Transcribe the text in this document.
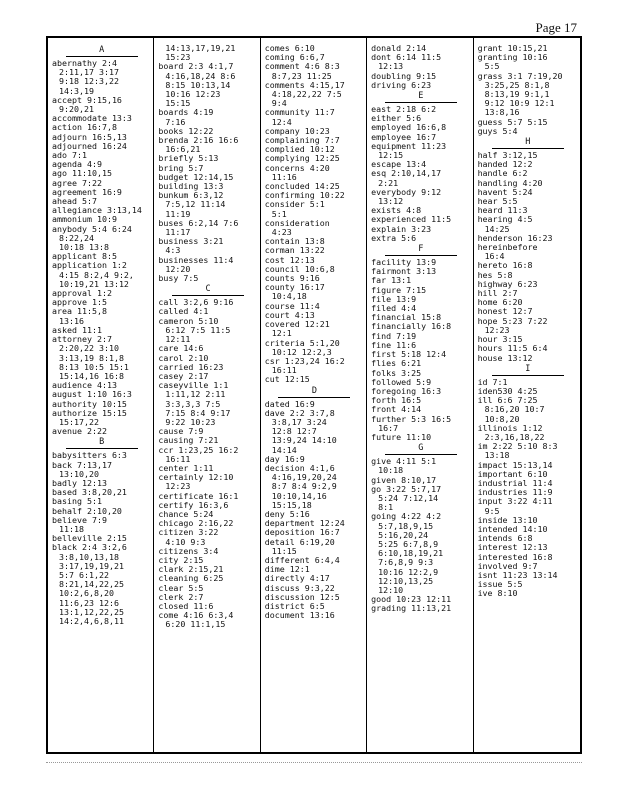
Page 17
A
abernathy 2:4
2:11,17 3:17
9:18 12:3,22
14:3,19
accept 9:15,16
9:20,21
accommodate 13:3
action 16:7,8
adjourn 16:5,13
adjourned 16:24
ado 7:1
agenda 4:9
ago 11:10,15
agree 7:22
agreement 16:9
ahead 5:7
allegiance 3:13,14
ammonium 10:9
anybody 5:4 6:24
8:22,24
10:18 13:8
applicant 8:5
application 1:2
4:15 8:2,4 9:2,
10:19,21 13:12
approval 1:2
approve 1:5
area 11:5,8
13:16
asked 11:1
attorney 2:7
2:20,22 3:10
3:13,19 8:1,8
8:13 10:5 15:1
15:14,16 16:8
audience 4:13
august 1:10 16:3
authority 10:15
authorize 15:15
15:17,22
avenue 2:22
B
babysitters 6:3
back 7:13,17
13:10,20
badly 12:13
based 3:8,20,21
basing 5:1
behalf 2:10,20
believe 7:9
11:18
belleville 2:15
black 2:4 3:2,6
3:8,10,13,18
3:17,19,19,21
5:7 6:1,22
8:21,14,22,25
10:2,6,8,20
11:6,23 12:6
13:1,12,22,25
14:2,4,6,8,11
14:13,17,19,21
15:23
board 2:3 4:1,7
4:16,18,24 8:6
8:15 10:13,14
10:16 12:23
15:15
boards 4:19
7:16
books 12:22
brenda 2:16 16:6
16:6,21
briefly 5:13
bring 5:7
budget 12:14,15
building 13:3
bunkum 6:3,12
7:5,12 11:14
11:19
buses 6:2,14 7:6
11:17
business 3:21
4:3
businesses 11:4
12:20
busy 7:5
C
call 3:2,6 9:16
called 4:1
cameron 5:10
6:12 7:5 11:5
12:11
care 14:6
carol 2:10
carried 16:23
casey 2:17
caseyville 1:1
1:11,12 2:11
3:3,3,3 7:5
7:15 8:4 9:17
9:22 10:23
cause 7:9
causing 7:21
ccr 1:23,25 16:2
16:11
center 1:11
certainly 12:10
12:23
certificate 16:1
certify 16:3,6
chance 5:24
chicago 2:16,22
citizen 3:22
4:10 9:3
citizens 3:4
city 2:15
clark 2:15,21
cleaning 6:25
clear 5:5
clerk 2:7
closed 11:6
come 4:16 6:3,4
6:20 11:1,15
comes 6:10
coming 6:6,7
comment 4:6 8:3
8:7,23 11:25
comments 4:15,17
4:18,22,22 7:5
9:4
community 11:7
12:4
company 10:23
complaining 7:7
complied 10:12
complying 12:25
concerns 4:20
11:16
concluded 14:25
confirming 10:22
consider 5:1
5:1
consideration
4:23
contain 13:8
corman 13:22
cost 12:13
council 10:6,8
counts 9:16
county 16:17
10:4,18
course 11:4
court 4:13
covered 12:21
12:1
criteria 5:1,20
10:12 12:2,3
csr 1:23,24 16:2
16:11
cut 12:15
D
dated 16:9
dave 2:2 3:7,8
3:8,17 3:24
12:8 12:7
13:9,24 14:10
14:14
day 16:9
decision 4:1,6
4:16,19,20,24
8:7 8:4 9:2,9
10:10,14,16
15:15,18
deny 5:16
department 12:24
deposition 16:7
detail 6:19,20
11:15
different 6:4,4
dime 12:1
directly 4:17
discuss 9:3,22
discussion 12:5
district 6:5
document 13:16
donald 2:14
dont 6:14 11:5
12:13
doubling 9:15
driving 6:23
E
east 2:18 6:2
either 5:6
employed 16:6,8
employee 16:7
equipment 11:23
12:15
escape 13:4
esq 2:10,14,17
2:21
everybody 9:12
13:12
exists 4:8
experienced 11:5
explain 3:23
extra 5:6
F
facility 13:9
fairmont 3:13
far 13:1
figure 7:15
file 13:9
filed 4:4
financial 15:8
financially 16:8
find 7:19
fine 11:6
first 5:18 12:4
flies 6:21
folks 3:25
followed 5:9
foregoing 16:3
forth 16:5
front 4:14
further 5:3 16:5
16:7
future 11:10
G
give 4:11 5:1
10:18
given 8:10,17
go 3:22 5:7,17
5:24 7:12,14
8:1
going 4:22 4:2
5:7,18,9,15
5:16,20,24
5:25 6:7,8,9
6:10,18,19,21
7:6,8,9 9:3
10:16 12:2,9
12:10,13,25
12:10
good 10:23 12:11
grading 11:13,21
grant 10:15,21
granting 10:16
5:5
grass 3:1 7:19,20
3:25,25 8:1,8
8:13,19 9:1,1
9:12 10:9 12:1
13:8,16
guess 5:7 5:15
guys 5:4
H
half 3:12,15
handed 12:2
handle 6:2
handling 4:20
havent 5:24
hear 5:5
heard 11:3
hearing 4:5
14:25
henderson 16:23
hereinbefore
16:4
hereto 16:8
hes 5:8
highway 6:23
hill 2:7
home 6:20
honest 12:7
hope 5:23 7:22
12:23
hour 3:15
hours 11:5 6:4
house 13:12
I
id 7:1
iden530 4:25
ill 6:6 7:25
8:16,20 10:7
10:8,20
illinois 1:12
2:3,16,18,22
im 2:22 5:10 8:3
13:18
impact 15:13,14
important 6:10
industrial 11:4
industries 11:9
input 3:22 4:11
9:5
inside 13:10
intended 14:10
intends 6:8
interest 12:13
interested 16:8
involved 9:7
isnt 11:23 13:14
issue 5:5
ive 8:10
